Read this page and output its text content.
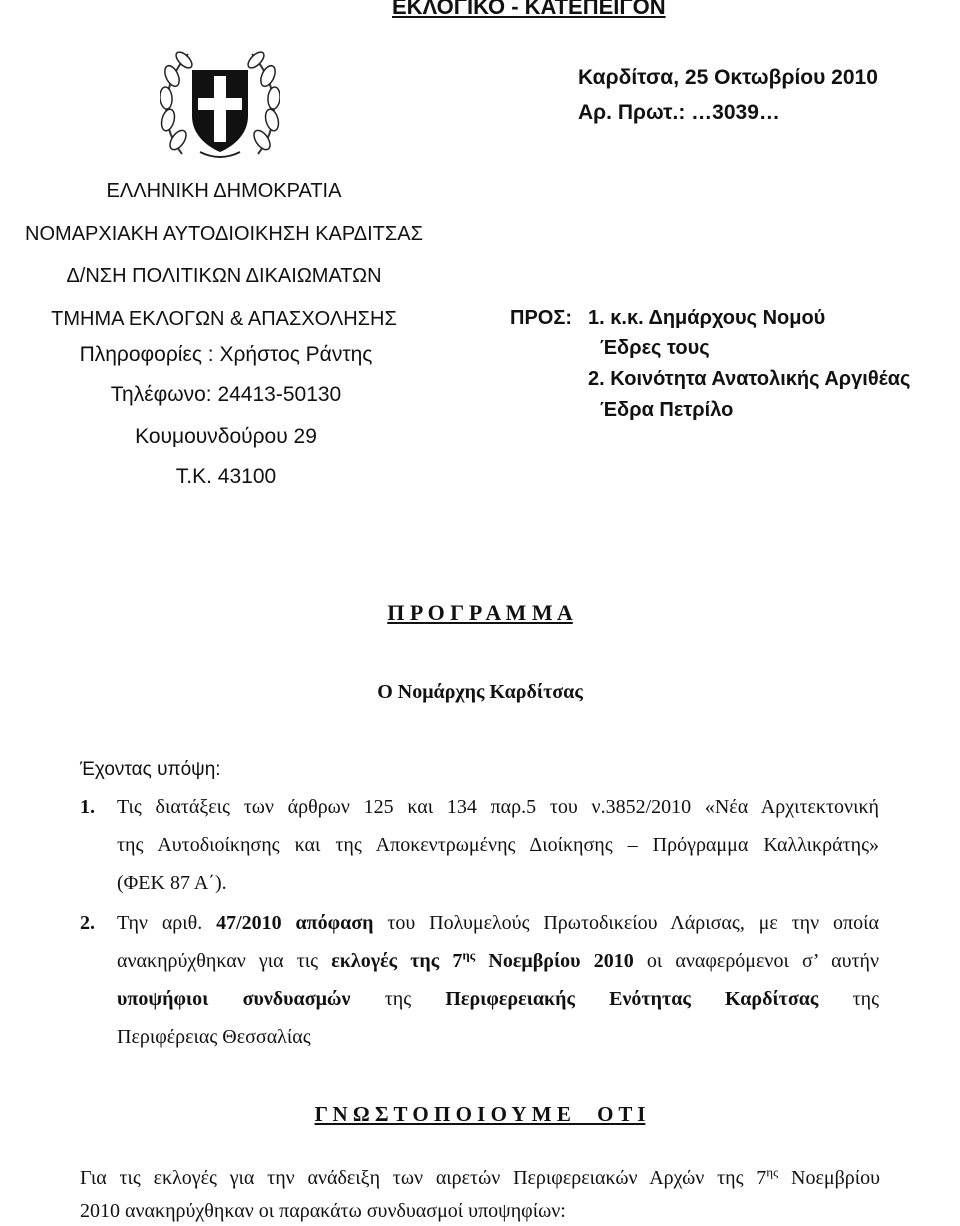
ΕΚΛΟΓΙΚΟ - ΚΑΤΕΠΕΙΓΟΝ
Καρδίτσα, 25 Οκτωβρίου 2010
Αρ. Πρωτ.: …3039…
ΕΛΛΗΝΙΚΗ ΔΗΜΟΚΡΑΤΙΑ
ΝΟΜΑΡΧΙΑΚΗ ΑΥΤΟΔΙΟΙΚΗΣΗ ΚΑΡΔΙΤΣΑΣ
Δ/ΝΣΗ ΠΟΛΙΤΙΚΩΝ ΔΙΚΑΙΩΜΑΤΩΝ
ΤΜΗΜΑ ΕΚΛΟΓΩΝ & ΑΠΑΣΧΟΛΗΣΗΣ
Πληροφορίες : Χρήστος Ράντης
Τηλέφωνο: 24413-50130
Κουμουνδούρου 29
Τ.Κ. 43100
ΠΡΟΣ: 1. κ.κ. Δημάρχους Νομού
Έδρες τους
2. Κοινότητα Ανατολικής Αργιθέας
Έδρα Πετρίλο
Π Ρ Ο Γ Ρ Α Μ Μ Α
Ο Νομάρχης Καρδίτσας
Έχοντας υπόψη:
1. Τις διατάξεις των άρθρων 125 και 134 παρ.5 του ν.3852/2010 «Νέα Αρχιτεκτονική
της Αυτοδιοίκησης και της Αποκεντρωμένης Διοίκησης – Πρόγραμμα Καλλικράτης»
(ΦΕΚ 87 Α΄).
2. Την αριθ. 47/2010 απόφαση του Πολυμελούς Πρωτοδικείου Λάρισας, με την οποία
ανακηρύχθηκαν για τις εκλογές της $7^{\eta\varsigma}$ Νοεμβρίου 2010 οι αναφερόμενοι σ’ αυτήν
υποψήφιοι συνδυασμών της Περιφερειακής Ενότητας Καρδίτσας της
Περιφέρειας Θεσσαλίας
Γ Ν Ω Σ Τ Ο Π Ο Ι Ο Υ Μ Ε     Ο Τ Ι
Για τις εκλογές για την ανάδειξη των αιρετών Περιφερειακών Αρχών της $7^{\eta\varsigma}$ Νοεμβρίου
2010 ανακηρύχθηκαν οι παρακάτω συνδυασμοί υποψηφίων:
